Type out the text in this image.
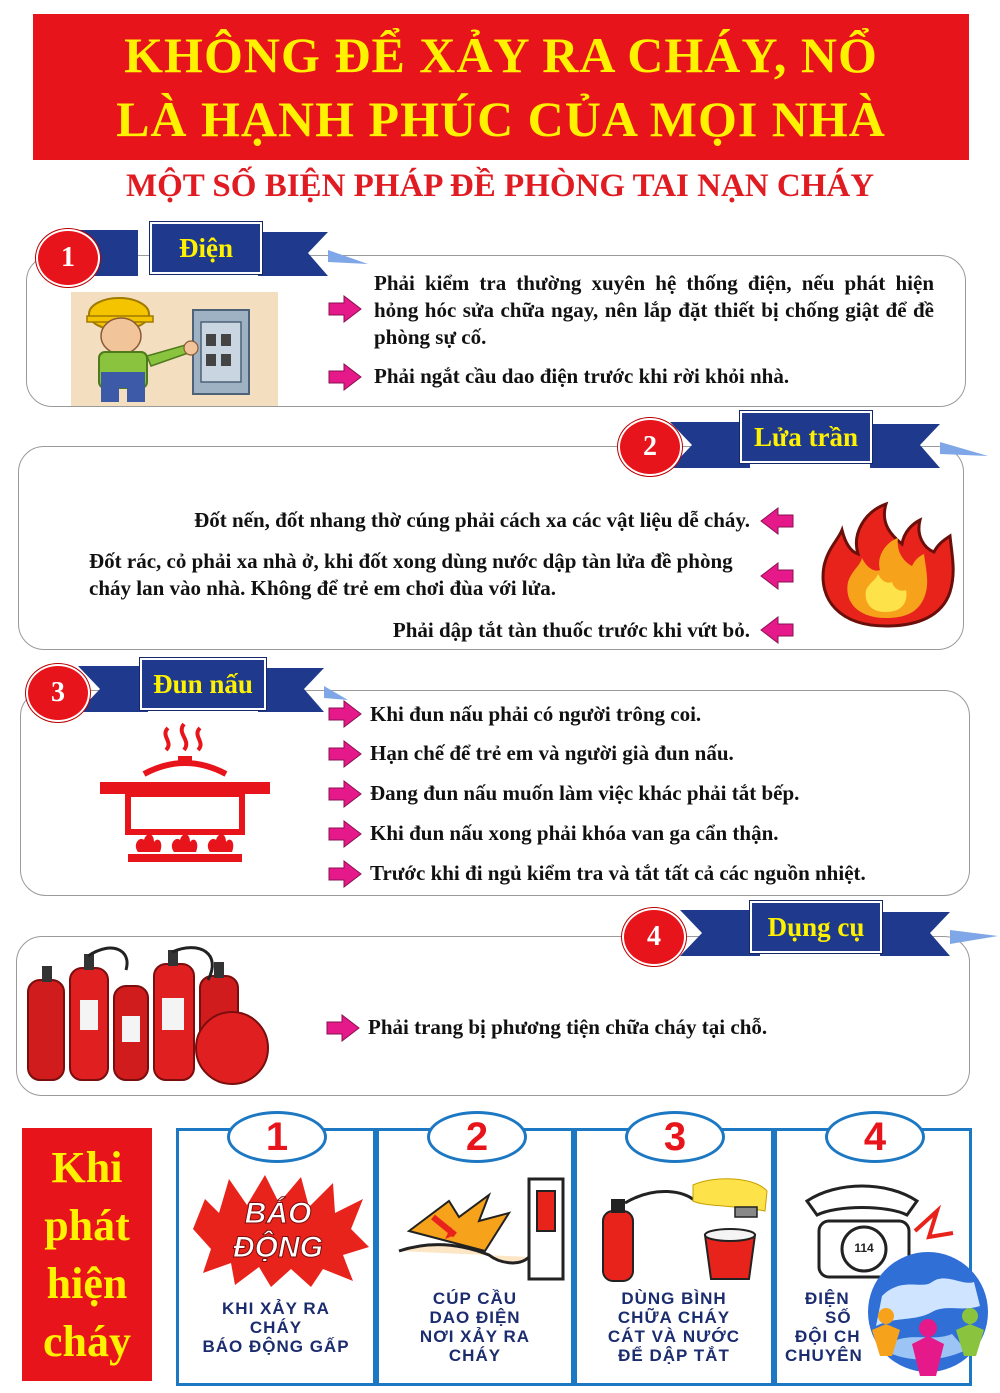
KHÔNG ĐỂ XẢY RA CHÁY, NỔ
LÀ HẠNH PHÚC CỦA MỌI NHÀ
MỘT SỐ BIỆN PHÁP ĐỀ PHÒNG TAI NẠN CHÁY
1	Điện
Phải kiểm tra thường xuyên hệ thống điện, nếu phát hiện hỏng hóc sửa chữa ngay, nên lắp đặt thiết bị chống giật để đề phòng sự cố.
Phải ngắt cầu dao điện trước khi rời khỏi nhà.
2	Lửa trần
Đốt nến, đốt nhang thờ cúng phải cách xa các vật liệu dễ cháy.
Đốt rác, cỏ phải xa nhà ở, khi đốt xong dùng nước dập tàn lửa đề phòng cháy lan vào nhà. Không để trẻ em chơi đùa với lửa.
Phải dập tắt tàn thuốc trước khi vứt bỏ.
3	Đun nấu
Khi đun nấu phải có người trông coi.
Hạn chế để trẻ em và người già đun nấu.
Đang đun nấu muốn làm việc khác phải tắt bếp.
Khi đun nấu xong phải khóa van ga cẩn thận.
Trước khi đi ngủ kiểm tra và tắt tất cả các nguồn nhiệt.
4	Dụng cụ
Phải trang bị phương tiện chữa cháy tại chỗ.
Khi
phát
hiện
cháy
1
BÁO ĐỘNG
KHI XẢY RA
CHÁY
BÁO ĐỘNG GẤP
2
CÚP CẦU
DAO ĐIỆN
NƠI XẢY RA
CHÁY
3
DÙNG BÌNH
CHỮA CHÁY
CÁT VÀ NƯỚC
ĐỂ DẬP TẮT
4
114
ĐIỆN
SỐ
ĐỘI CH
CHUYÊN
